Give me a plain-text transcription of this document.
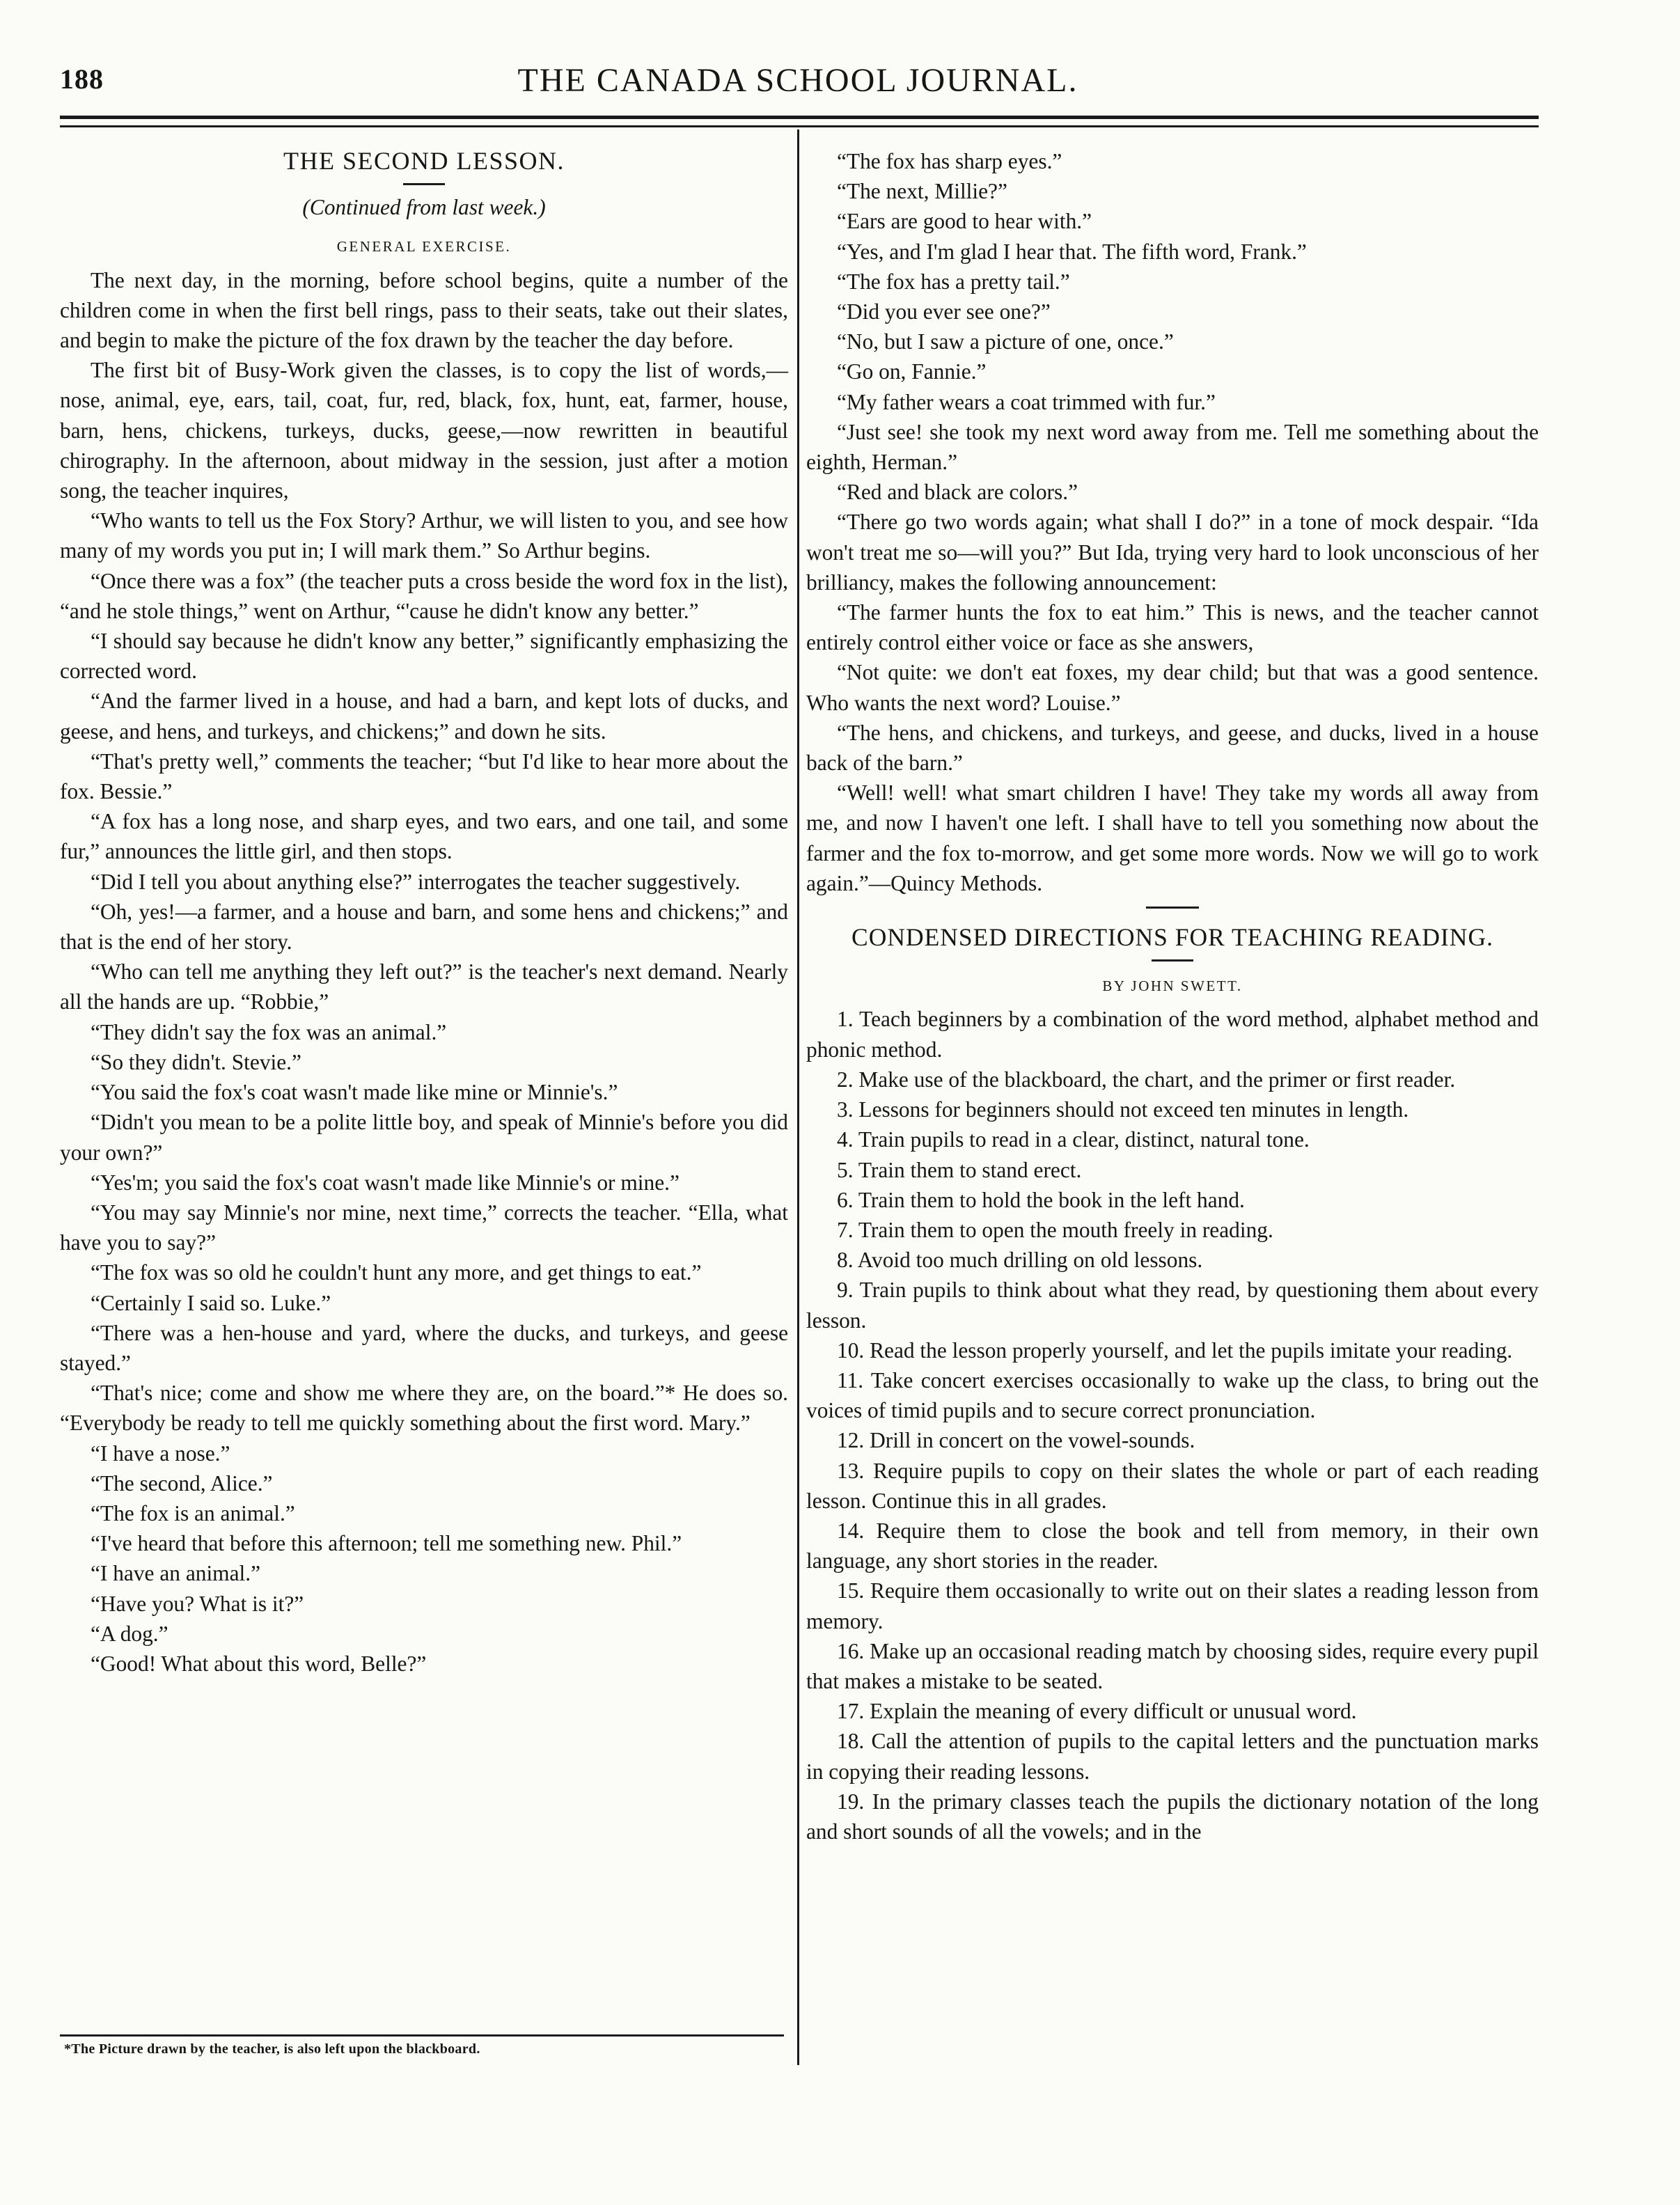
188	THE CANADA SCHOOL JOURNAL.
THE SECOND LESSON.
(Continued from last week.)
GENERAL EXERCISE.

The next day, in the morning, before school begins, quite a number of the children come in when the first bell rings, pass to their seats, take out their slates, and begin to make the picture of the fox drawn by the teacher the day before.

The first bit of Busy-Work given the classes, is to copy the list of words,—nose, animal, eye, ears, tail, coat, fur, red, black, fox, hunt, eat, farmer, house, barn, hens, chickens, turkeys, ducks, geese,—now rewritten in beautiful chirography. In the afternoon, about midway in the session, just after a motion song, the teacher inquires,

“Who wants to tell us the Fox Story? Arthur, we will listen to you, and see how many of my words you put in; I will mark them.” So Arthur begins.

“Once there was a fox” (the teacher puts a cross beside the word fox in the list), “and he stole things,” went on Arthur, “'cause he didn't know any better.”

“I should say because he didn't know any better,” significantly emphasizing the corrected word.

“And the farmer lived in a house, and had a barn, and kept lots of ducks, and geese, and hens, and turkeys, and chickens;” and down he sits.

“That's pretty well,” comments the teacher; “but I'd like to hear more about the fox. Bessie.”

“A fox has a long nose, and sharp eyes, and two ears, and one tail, and some fur,” announces the little girl, and then stops.

“Did I tell you about anything else?” interrogates the teacher suggestively.

“Oh, yes!—a farmer, and a house and barn, and some hens and chickens;” and that is the end of her story.

“Who can tell me anything they left out?” is the teacher's next demand. Nearly all the hands are up. “Robbie,”

“They didn't say the fox was an animal.”

“So they didn't. Stevie.”

“You said the fox's coat wasn't made like mine or Minnie's.”

“Didn't you mean to be a polite little boy, and speak of Minnie's before you did your own?”

“Yes'm; you said the fox's coat wasn't made like Minnie's or mine.”

“You may say Minnie's nor mine, next time,” corrects the teacher. “Ella, what have you to say?”

“The fox was so old he couldn't hunt any more, and get things to eat.”

“Certainly I said so. Luke.”

“There was a hen-house and yard, where the ducks, and turkeys, and geese stayed.”

“That's nice; come and show me where they are, on the board.”* He does so. “Everybody be ready to tell me quickly something about the first word. Mary.”

“I have a nose.”

“The second, Alice.”

“The fox is an animal.”

“I've heard that before this afternoon; tell me something new. Phil.”

“I have an animal.”

“Have you? What is it?”

“A dog.”

“Good! What about this word, Belle?”

“The fox has sharp eyes.”

“The next, Millie?”

“Ears are good to hear with.”

“Yes, and I'm glad I hear that. The fifth word, Frank.”

“The fox has a pretty tail.”

“Did you ever see one?”

“No, but I saw a picture of one, once.”

“Go on, Fannie.”

“My father wears a coat trimmed with fur.”

“Just see! she took my next word away from me. Tell me something about the eighth, Herman.”

“Red and black are colors.”

“There go two words again; what shall I do?” in a tone of mock despair. “Ida won't treat me so—will you?” But Ida, trying very hard to look unconscious of her brilliancy, makes the following announcement:

“The farmer hunts the fox to eat him.” This is news, and the teacher cannot entirely control either voice or face as she answers,

“Not quite: we don't eat foxes, my dear child; but that was a good sentence. Who wants the next word? Louise.”

“The hens, and chickens, and turkeys, and geese, and ducks, lived in a house back of the barn.”

“Well! well! what smart children I have! They take my words all away from me, and now I haven't one left. I shall have to tell you something now about the farmer and the fox to-morrow, and get some more words. Now we will go to work again.”—Quincy Methods.

CONDENSED DIRECTIONS FOR TEACHING READING.
BY JOHN SWETT.

1. Teach beginners by a combination of the word method, alphabet method and phonic method.

2. Make use of the blackboard, the chart, and the primer or first reader.

3. Lessons for beginners should not exceed ten minutes in length.

4. Train pupils to read in a clear, distinct, natural tone.

5. Train them to stand erect.

6. Train them to hold the book in the left hand.

7. Train them to open the mouth freely in reading.

8. Avoid too much drilling on old lessons.

9. Train pupils to think about what they read, by questioning them about every lesson.

10. Read the lesson properly yourself, and let the pupils imitate your reading.

11. Take concert exercises occasionally to wake up the class, to bring out the voices of timid pupils and to secure correct pronunciation.

12. Drill in concert on the vowel-sounds.

13. Require pupils to copy on their slates the whole or part of each reading lesson. Continue this in all grades.

14. Require them to close the book and tell from memory, in their own language, any short stories in the reader.

15. Require them occasionally to write out on their slates a reading lesson from memory.

16. Make up an occasional reading match by choosing sides, require every pupil that makes a mistake to be seated.

17. Explain the meaning of every difficult or unusual word.

18. Call the attention of pupils to the capital letters and the punctuation marks in copying their reading lessons.

19. In the primary classes teach the pupils the dictionary notation of the long and short sounds of all the vowels; and in the

*The Picture drawn by the teacher, is also left upon the blackboard.
